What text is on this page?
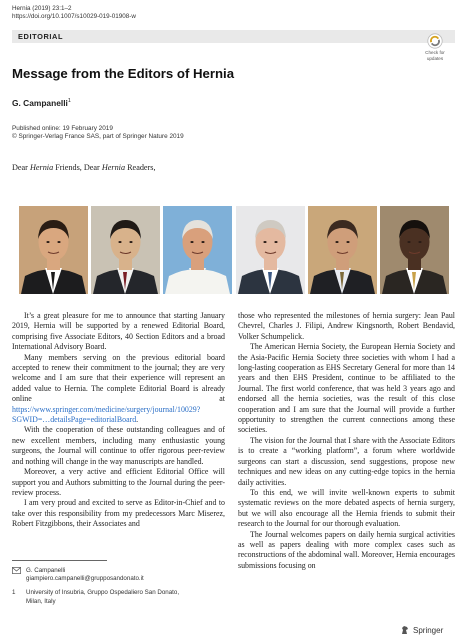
Hernia (2019) 23:1–2
https://doi.org/10.1007/s10029-019-01908-w
EDITORIAL
Check for
updates
Message from the Editors of Hernia
G. Campanelli$^1$
Published online: 19 February 2019
© Springer-Verlag France SAS, part of Springer Nature 2019
Dear Hernia Friends, Dear Hernia Readers,

It’s a great pleasure for me to announce that starting January 2019, Hernia will be supported by a renewed Editorial Board, comprising five Associate Editors, 40 Section Editors and a broad International Advisory Board.

Many members serving on the previous editorial board accepted to renew their commitment to the journal; they are very welcome and I am sure that their experience will represent an added value to Hernia. The complete Editorial Board is already online at https://www.springer.com/medicine/surgery/journal/10029?SGWID=…detailsPage=editorialBoard.

With the cooperation of these outstanding colleagues and of new excellent members, including many enthusiastic young surgeons, the Journal will continue to offer rigorous peer-review and nothing will change in the way manuscripts are handled.

Moreover, a very active and efficient Editorial Office will support you and Authors submitting to the Journal during the peer-review process.

I am very proud and excited to serve as Editor-in-Chief and to take over this responsibility from my predecessors Marc Miserez, Robert Fitzgibbons, their Associates and

those who represented the milestones of hernia surgery: Jean Paul Chevrel, Charles J. Filipi, Andrew Kingsnorth, Robert Bendavid, Volker Schumpelick.

The American Hernia Society, the European Hernia Society and the Asia-Pacific Hernia Society three societies with whom I had a long-lasting cooperation as EHS Secretary General for more than 14 years and then EHS President, continue to be affiliated to the Journal. The first world conference, that was held 3 years ago and endorsed all the hernia societies, was the result of this close cooperation and I am sure that the Journal will provide a further opportunity to strengthen the current connections among these societies.

The vision for the Journal that I share with the Associate Editors is to create a “working platform”, a forum where worldwide surgeons can start a discussion, send suggestions, propose new techniques and new ideas on any cutting-edge topics in the hernia daily activities.

To this end, we will invite well-known experts to submit systematic reviews on the more debated aspects of hernia surgery, but we will also encourage all the Hernia friends to submit their research to the Journal for our thorough evaluation.

The Journal welcomes papers on daily hernia surgical activities as well as papers dealing with more complex cases such as reconstructions of the abdominal wall. Moreover, Hernia encourages submissions focusing on

G. Campanelli
giampiero.campanelli@grupposandonato.it
1	University of Insubria, Gruppo Ospedaliero San Donato,
Milan, Italy
Springer
